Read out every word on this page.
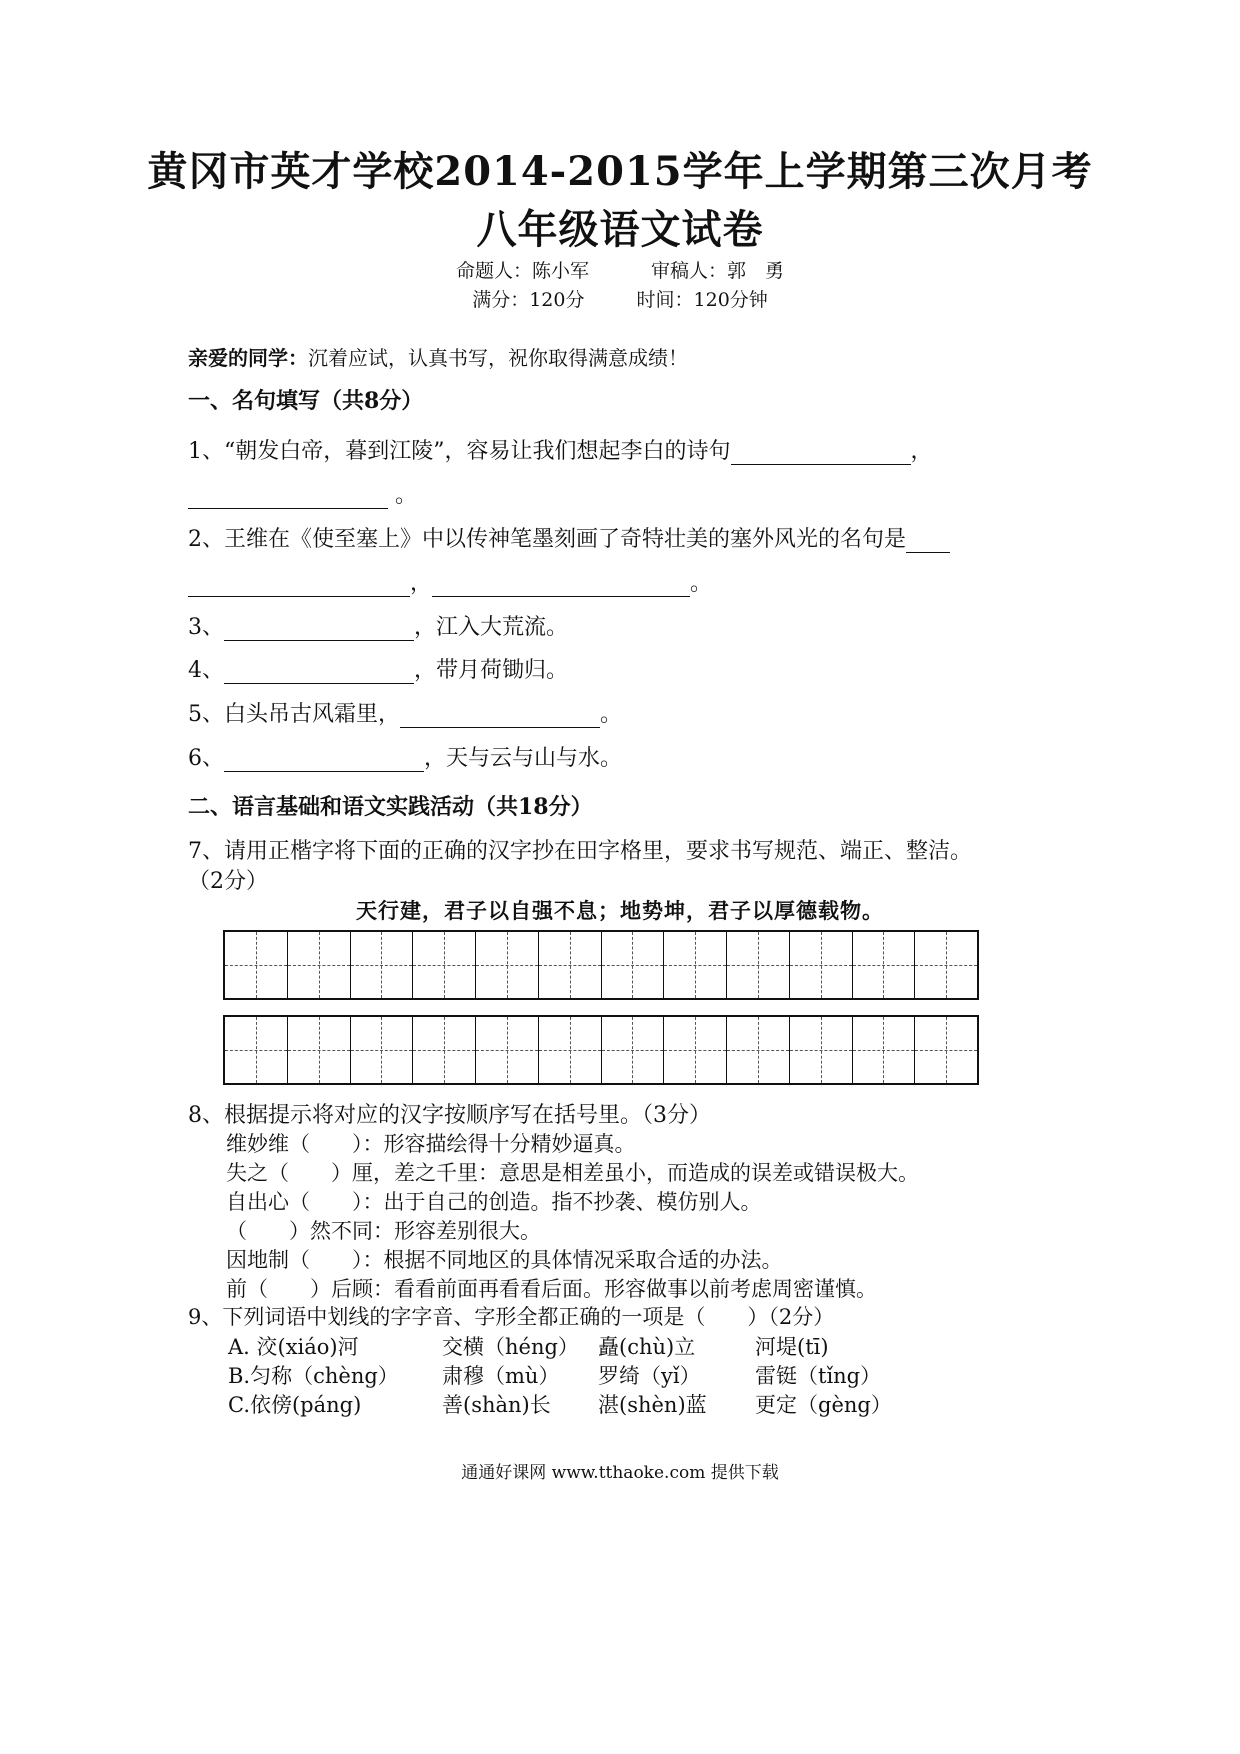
黄冈市英才学校2014-2015学年上学期第三次月考
八年级语文试卷
命题人：陈小军	审稿人：郭　勇
满分：120分	时间：120分钟
亲爱的同学：沉着应试，认真书写，祝你取得满意成绩！
一、名句填写（共8分）
1、“朝发白帝，暮到江陵”，容易让我们想起李白的诗句	，
。
2、王维在《使至塞上》中以传神笔墨刻画了奇特壮美的塞外风光的名句是
，	。
3、	，江入大荒流。
4、	，带月荷锄归。
5、白头吊古风霜里，	。
6、	，天与云与山与水。
二、语言基础和语文实践活动（共18分）
7、请用正楷字将下面的正确的汉字抄在田字格里，要求书写规范、端正、整洁。
（2分）
天行建，君子以自强不息；地势坤，君子以厚德载物。
8、根据提示将对应的汉字按顺序写在括号里。（3分）
维妙维（　　）：形容描绘得十分精妙逼真。
失之（　　）厘，差之千里：意思是相差虽小，而造成的误差或错误极大。
自出心（　　）：出于自己的创造。指不抄袭、模仿别人。
（　　）然不同：形容差别很大。
因地制（　　）：根据不同地区的具体情况采取合适的办法。
前（　　）后顾：看看前面再看看后面。形容做事以前考虑周密谨慎。
9、下列词语中划线的字字音、字形全都正确的一项是（　　）（2分）
A. 洨(xiáo)河	交横（héng） 矗(chù)立	河堤(tī)
B.匀称（chèng） 肃穆（mù） 罗绮（yǐ）	雷铤（tǐng）
C.依傍(páng)	善(shàn)长 湛(shèn)蓝 更定（gèng）
通通好课网 www.tthaoke.com 提供下载
